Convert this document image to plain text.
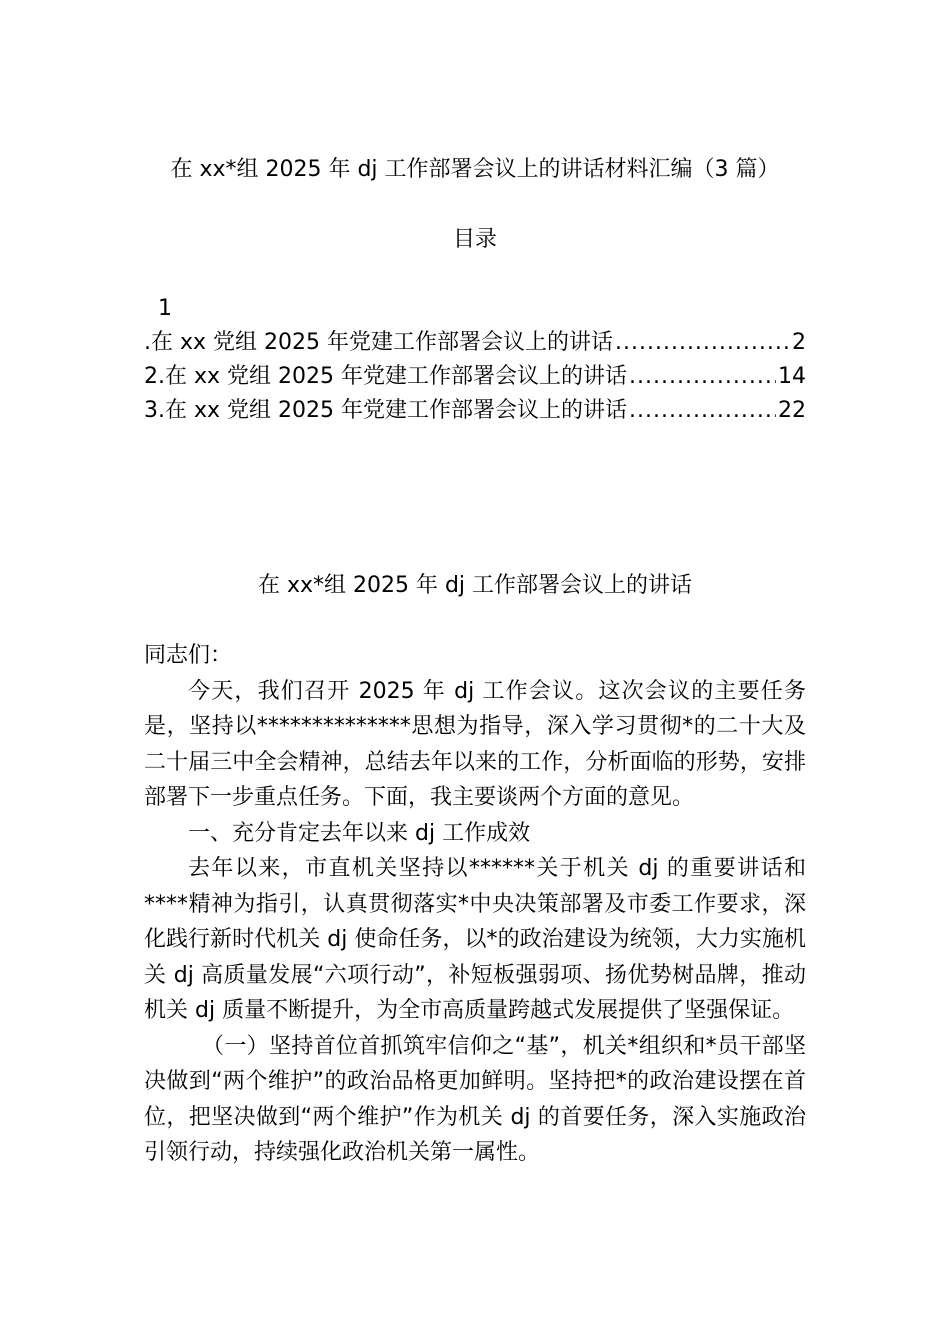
在 xx*组 2025 年 dj 工作部署会议上的讲话材料汇编（3 篇）
目录
1
.在 xx 党组 2025 年党建工作部署会议上的讲话 .....	2
2.在 xx 党组 2025 年党建工作部署会议上的讲话 .....	14
3.在 xx 党组 2025 年党建工作部署会议上的讲话 .....	22
在 xx*组 2025 年 dj 工作部署会议上的讲话

同志们：

今天，我们召开 2025 年 dj 工作会议。这次会议的主要任务是，坚持以**************思想为指导，深入学习贯彻*的二十大及二十届三中全会精神，总结去年以来的工作，分析面临的形势，安排部署下一步重点任务。下面，我主要谈两个方面的意见。

一、充分肯定去年以来 dj 工作成效

去年以来，市直机关坚持以******关于机关 dj 的重要讲话和****精神为指引，认真贯彻落实*中央决策部署及市委工作要求，深化践行新时代机关 dj 使命任务，以*的政治建设为统领，大力实施机关 dj 高质量发展“六项行动”，补短板强弱项、扬优势树品牌，推动机关 dj 质量不断提升，为全市高质量跨越式发展提供了坚强保证。

（一）坚持首位首抓筑牢信仰之“基”，机关*组织和*员干部坚决做到“两个维护”的政治品格更加鲜明。坚持把*的政治建设摆在首位，把坚决做到“两个维护”作为机关 dj 的首要任务，深入实施政治引领行动，持续强化政治机关第一属性。
